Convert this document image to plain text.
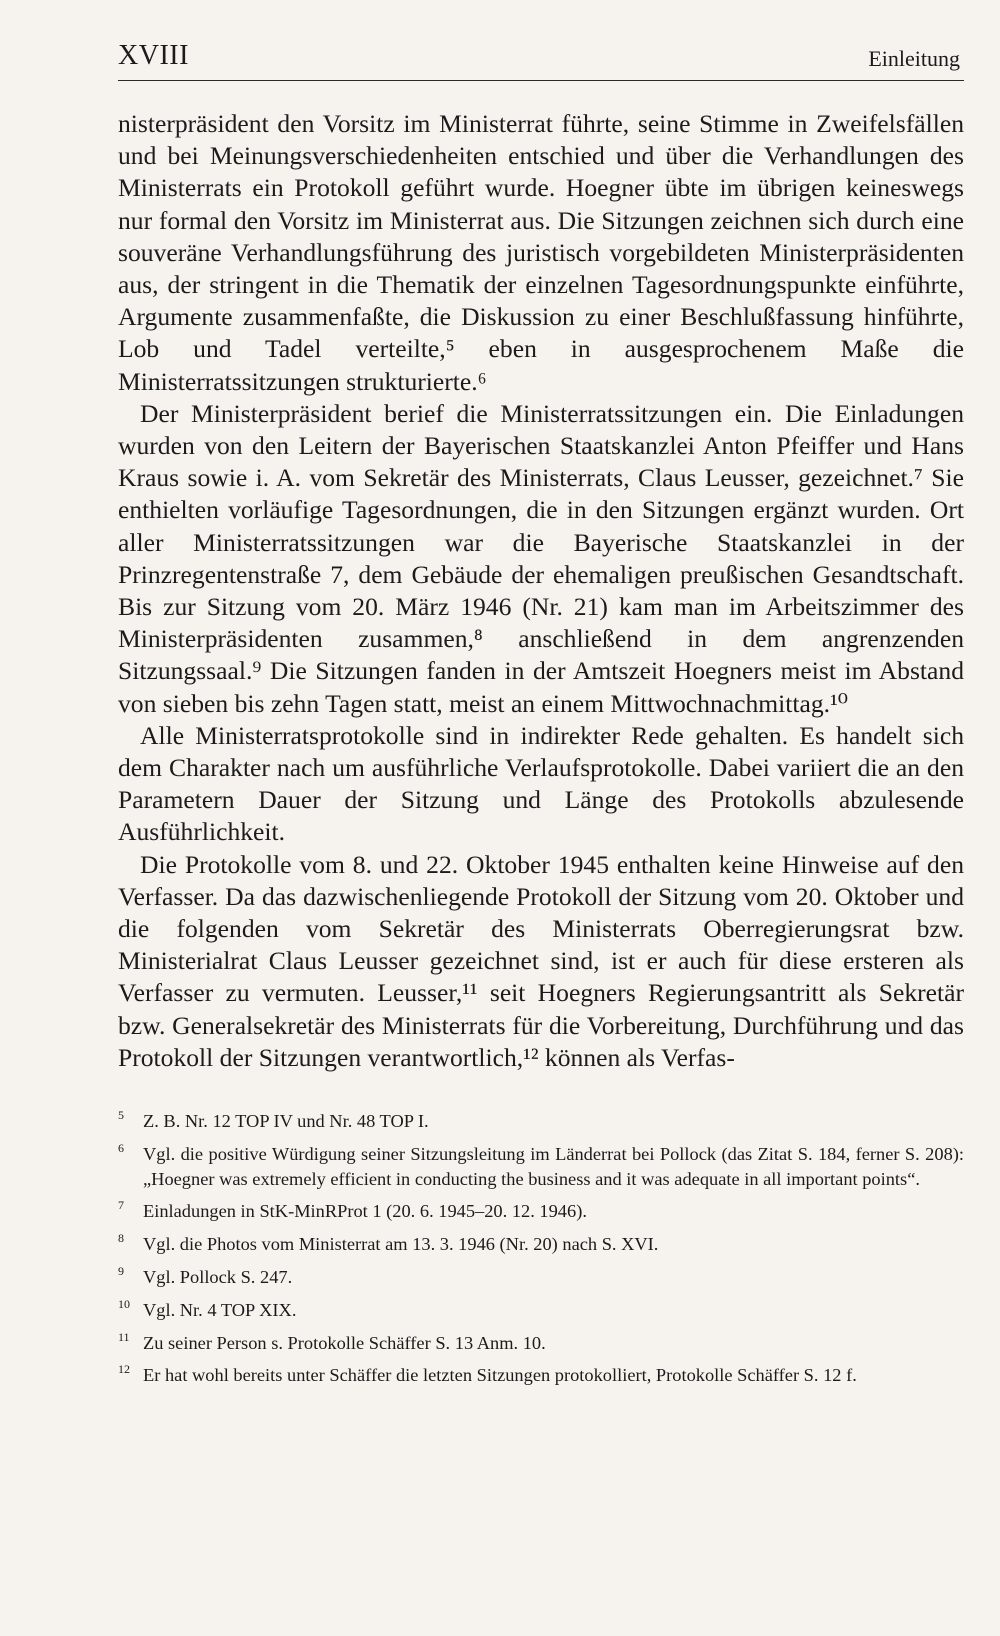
XVIII	Einleitung

nisterpräsident den Vorsitz im Ministerrat führte, seine Stimme in Zweifelsfällen und bei Meinungsverschiedenheiten entschied und über die Verhandlungen des Ministerrats ein Protokoll geführt wurde. Hoegner übte im übrigen keineswegs nur formal den Vorsitz im Ministerrat aus. Die Sitzungen zeichnen sich durch eine souveräne Verhandlungsführung des juristisch vorgebildeten Ministerpräsidenten aus, der stringent in die Thematik der einzelnen Tagesordnungspunkte einführte, Argumente zusammenfaßte, die Diskussion zu einer Beschlußfassung hinführte, Lob und Tadel verteilte,⁵ eben in ausgesprochenem Maße die Ministerratssitzungen strukturierte.⁶

Der Ministerpräsident berief die Ministerratssitzungen ein. Die Einladungen wurden von den Leitern der Bayerischen Staatskanzlei Anton Pfeiffer und Hans Kraus sowie i. A. vom Sekretär des Ministerrats, Claus Leusser, gezeichnet.⁷ Sie enthielten vorläufige Tagesordnungen, die in den Sitzungen ergänzt wurden. Ort aller Ministerratssitzungen war die Bayerische Staatskanzlei in der Prinzregentenstraße 7, dem Gebäude der ehemaligen preußischen Gesandtschaft. Bis zur Sitzung vom 20. März 1946 (Nr. 21) kam man im Arbeitszimmer des Ministerpräsidenten zusammen,⁸ anschließend in dem angrenzenden Sitzungssaal.⁹ Die Sitzungen fanden in der Amtszeit Hoegners meist im Abstand von sieben bis zehn Tagen statt, meist an einem Mittwochnachmittag.¹⁰

Alle Ministerratsprotokolle sind in indirekter Rede gehalten. Es handelt sich dem Charakter nach um ausführliche Verlaufsprotokolle. Dabei variiert die an den Parametern Dauer der Sitzung und Länge des Protokolls abzulesende Ausführlichkeit.

Die Protokolle vom 8. und 22. Oktober 1945 enthalten keine Hinweise auf den Verfasser. Da das dazwischenliegende Protokoll der Sitzung vom 20. Oktober und die folgenden vom Sekretär des Ministerrats Oberregierungsrat bzw. Ministerialrat Claus Leusser gezeichnet sind, ist er auch für diese ersteren als Verfasser zu vermuten. Leusser,¹¹ seit Hoegners Regierungsantritt als Sekretär bzw. Generalsekretär des Ministerrats für die Vorbereitung, Durchführung und das Protokoll der Sitzungen verantwortlich,¹² können als Verfas-

5	Z. B. Nr. 12 TOP IV und Nr. 48 TOP I.
6	Vgl. die positive Würdigung seiner Sitzungsleitung im Länderrat bei Pollock (das Zitat S. 184, ferner S. 208): „Hoegner was extremely efficient in conducting the business and it was adequate in all important points“.
7	Einladungen in StK-MinRProt 1 (20. 6. 1945–20. 12. 1946).
8	Vgl. die Photos vom Ministerrat am 13. 3. 1946 (Nr. 20) nach S. XVI.
9	Vgl. Pollock S. 247.
10 Vgl. Nr. 4 TOP XIX.
11 Zu seiner Person s. Protokolle Schäffer S. 13 Anm. 10.
12 Er hat wohl bereits unter Schäffer die letzten Sitzungen protokolliert, Protokolle Schäffer S. 12 f.
